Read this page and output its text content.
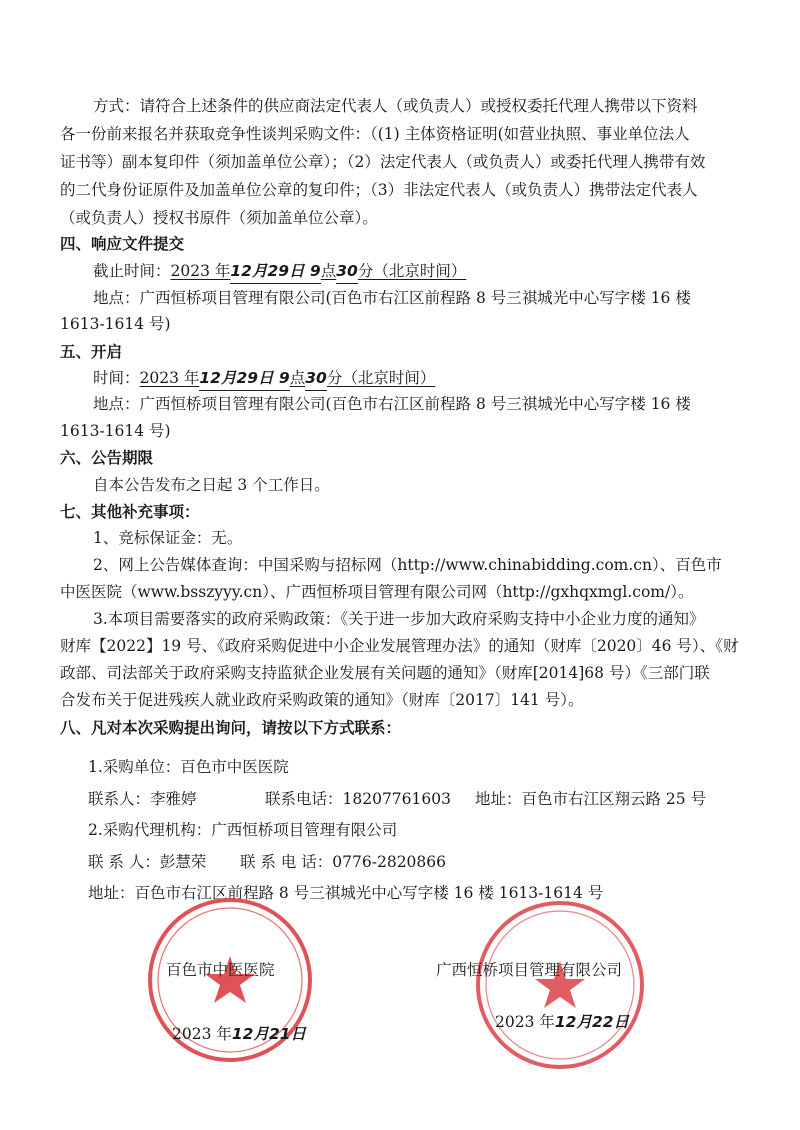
方式：请符合上述条件的供应商法定代表人（或负责人）或授权委托代理人携带以下资料
各一份前来报名并获取竞争性谈判采购文件：（(1) 主体资格证明(如营业执照、事业单位法人
证书等）副本复印件（须加盖单位公章）；（2）法定代表人（或负责人）或委托代理人携带有效
的二代身份证原件及加盖单位公章的复印件；（3）非法定代表人（或负责人）携带法定代表人
（或负责人）授权书原件（须加盖单位公章）。
四、响应文件提交
截止时间：2023 年12月29日 9点30分（北京时间）
地点：广西恒桥项目管理有限公司(百色市右江区前程路 8 号三祺城光中心写字楼 16 楼
1613-1614 号)
五、开启
时间：2023 年12月29日 9点30分（北京时间）
地点：广西恒桥项目管理有限公司(百色市右江区前程路 8 号三祺城光中心写字楼 16 楼
1613-1614 号)
六、公告期限
自本公告发布之日起 3 个工作日。
七、其他补充事项：
1、竞标保证金：无。
2、网上公告媒体查询：中国采购与招标网（http://www.chinabidding.com.cn）、百色市
中医医院（www.bsszyyy.cn）、广西恒桥项目管理有限公司网（http://gxhqxmgl.com/）。
3.本项目需要落实的政府采购政策：《关于进一步加大政府采购支持中小企业力度的通知》
财库【2022】19 号、《政府采购促进中小企业发展管理办法》的通知（财库〔2020〕46 号）、《财
政部、司法部关于政府采购支持监狱企业发展有关问题的通知》（财库[2014]68 号）《三部门联
合发布关于促进残疾人就业政府采购政策的通知》（财库〔2017〕141 号）。
八、凡对本次采购提出询问，请按以下方式联系：
1.采购单位：百色市中医医院
联系人：李雅婷	联系电话：18207761603 地址：百色市右江区翔云路 25 号
2.采购代理机构：广西恒桥项目管理有限公司
联 系 人：彭慧荣 联 系 电 话：0776-2820866
地址：百色市右江区前程路 8 号三祺城光中心写字楼 16 楼 1613-1614 号
百色市中医医院
2023 年12月21日
广西恒桥项目管理有限公司
2023 年12月22日
